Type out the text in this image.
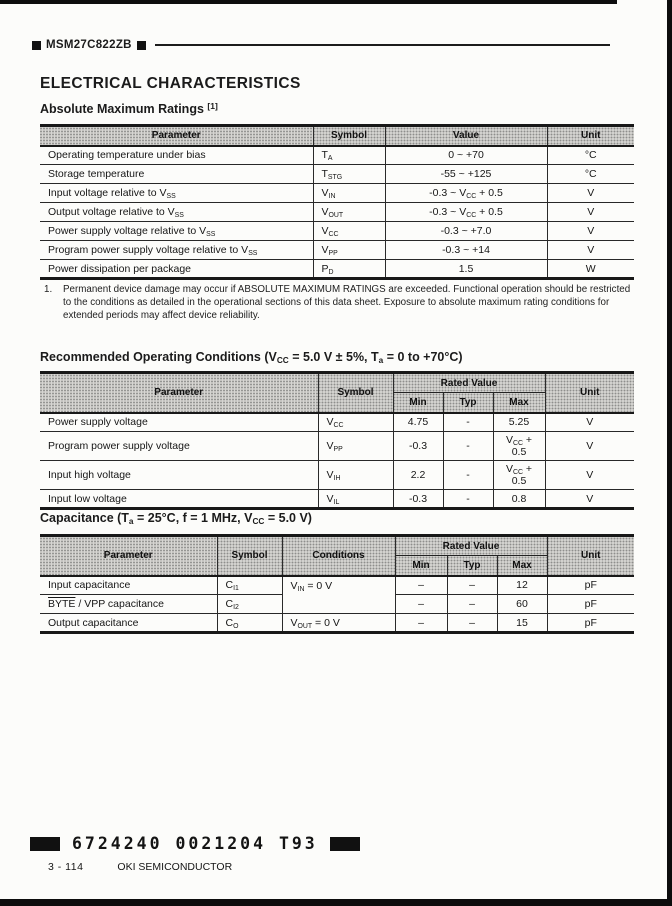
MSM27C822ZB
ELECTRICAL CHARACTERISTICS
Absolute Maximum Ratings [1]
Parameter	Symbol	Value	Unit
Operating temperature under bias	$T_A$	0 ~ +70	°C
Storage temperature	$T_{STG}$	-55 ~ +125	°C
Input voltage relative to $V_{SS}$	$V_{IN}$	-0.3 ~ $V_{CC} + 0.5$	V
Output voltage relative to $V_{SS}$	$V_{OUT}$	-0.3 ~ $V_{CC} + 0.5$	V
Power supply voltage relative to $V_{SS}$	$V_{CC}$	-0.3 ~ +7.0	V
Program power supply voltage relative to $V_{SS}$	$V_{PP}$	-0.3 ~ +14	V
Power dissipation per package	$P_D$	1.5	W
1.	Permanent device damage may occur if ABSOLUTE MAXIMUM RATINGS are exceeded. Functional operation should be restricted to the conditions as detailed in the operational sections of this data sheet. Exposure to absolute maximum rating conditions for extended periods may affect device reliability.
Recommended Operating Conditions ($V_{CC} = 5.0$ V ± 5%, $T_a = 0$ to +70°C)
Parameter	Symbol	Rated Value			Unit
		Min	Typ	Max	
Power supply voltage	$V_{CC}$	4.75	-	5.25	V
Program power supply voltage	$V_{PP}$	-0.3	-	$V_{CC} + 0.5$	V
Input high voltage	$V_{IH}$	2.2	-	$V_{CC} + 0.5$	V
Input low voltage	$V_{IL}$	-0.3	-	0.8	V
Capacitance ($T_a = 25^\circ C$, f = 1 MHz, $V_{CC} = 5.0$ V)
Parameter	Symbol	Conditions	Rated Value			Unit
			Min	Typ	Max	
Input capacitance	$C_{I1}$	$V_{IN} = 0$ V	–	–	12	pF
BYTE / VPP capacitance	$C_{I2}$		–	–	60	pF
Output capacitance	$C_O$	$V_{OUT} = 0$ V	–	–	15	pF
6724240 0021204 T93
3 - 114	OKI SEMICONDUCTOR
